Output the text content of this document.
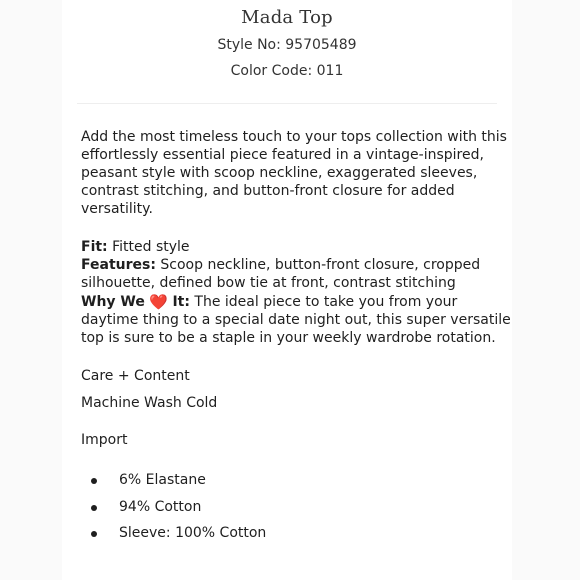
Mada Top
Style No: 95705489
Color Code: 011

Add the most timeless touch to your tops collection with this effortlessly essential piece featured in a vintage-inspired, peasant style with scoop neckline, exaggerated sleeves, contrast stitching, and button-front closure for added versatility.

Fit: Fitted style

Features: Scoop neckline, button-front closure, cropped silhouette, defined bow tie at front, contrast stitching

Why We ❤️ It: The ideal piece to take you from your daytime thing to a special date night out, this super versatile top is sure to be a staple in your weekly wardrobe rotation.

Care + Content

Machine Wash Cold

Import

6% Elastane
94% Cotton
Sleeve: 100% Cotton
